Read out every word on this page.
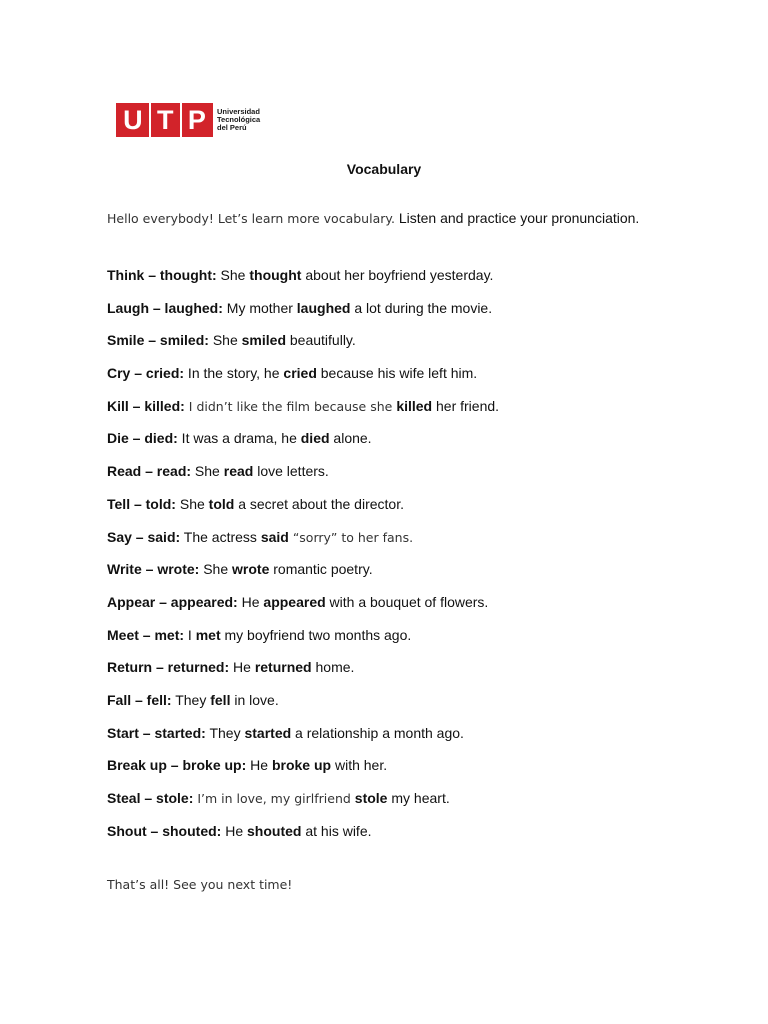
U T P Universidad
Tecnológica
del Perú
Vocabulary
Hello everybody! Let’s learn more vocabulary. Listen and practice your pronunciation.
Think – thought: She thought about her boyfriend yesterday.
Laugh – laughed: My mother laughed a lot during the movie.
Smile – smiled: She smiled beautifully.
Cry – cried: In the story, he cried because his wife left him.
Kill – killed: I didn’t like the film because she killed her friend.
Die – died: It was a drama, he died alone.
Read – read: She read love letters.
Tell – told: She told a secret about the director.
Say – said: The actress said “sorry” to her fans.
Write – wrote: She wrote romantic poetry.
Appear – appeared: He appeared with a bouquet of flowers.
Meet – met: I met my boyfriend two months ago.
Return – returned: He returned home.
Fall – fell: They fell in love.
Start – started: They started a relationship a month ago.
Break up – broke up: He broke up with her.
Steal – stole: I’m in love, my girlfriend stole my heart.
Shout – shouted: He shouted at his wife.
That’s all! See you next time!
